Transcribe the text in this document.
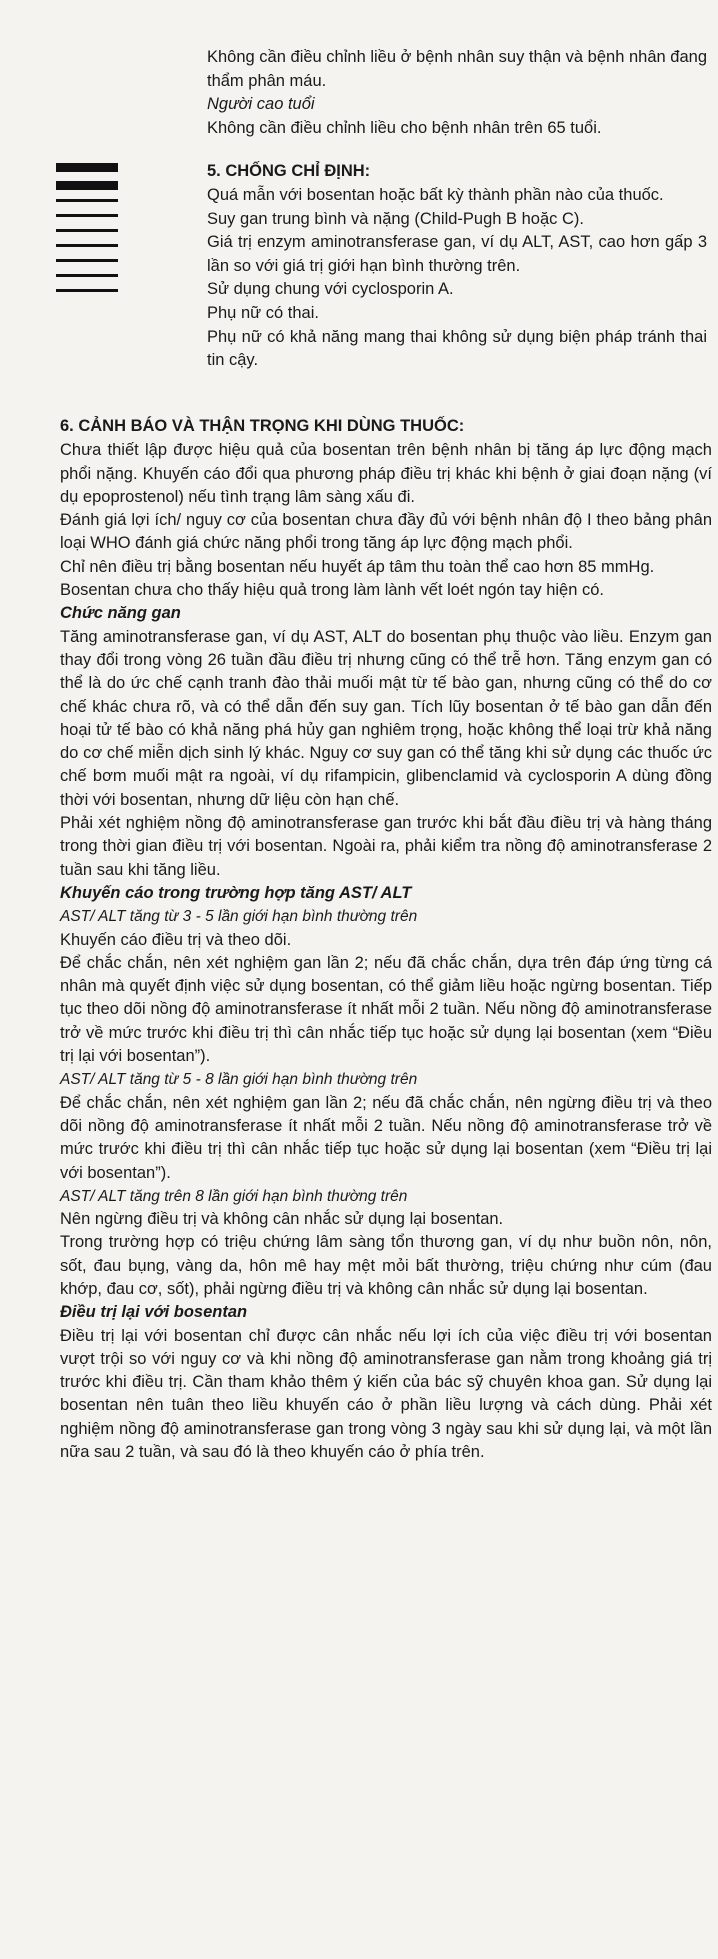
Không cần điều chỉnh liều ở bệnh nhân suy thận và bệnh nhân đang thẩm phân máu.

Người cao tuổi

Không cần điều chỉnh liều cho bệnh nhân trên 65 tuổi.

5. CHỐNG CHỈ ĐỊNH:

Quá mẫn với bosentan hoặc bất kỳ thành phần nào của thuốc.

Suy gan trung bình và nặng (Child-Pugh B hoặc C).

Giá trị enzym aminotransferase gan, ví dụ ALT, AST, cao hơn gấp 3 lần so với giá trị giới hạn bình thường trên.

Sử dụng chung với cyclosporin A.

Phụ nữ có thai.

Phụ nữ có khả năng mang thai không sử dụng biện pháp tránh thai tin cậy.

6. CẢNH BÁO VÀ THẬN TRỌNG KHI DÙNG THUỐC:

Chưa thiết lập được hiệu quả của bosentan trên bệnh nhân bị tăng áp lực động mạch phổi nặng. Khuyến cáo đổi qua phương pháp điều trị khác khi bệnh ở giai đoạn nặng (ví dụ epoprostenol) nếu tình trạng lâm sàng xấu đi.

Đánh giá lợi ích/ nguy cơ của bosentan chưa đầy đủ với bệnh nhân độ I theo bảng phân loại WHO đánh giá chức năng phổi trong tăng áp lực động mạch phổi.

Chỉ nên điều trị bằng bosentan nếu huyết áp tâm thu toàn thể cao hơn 85 mmHg.

Bosentan chưa cho thấy hiệu quả trong làm lành vết loét ngón tay hiện có.

Chức năng gan

Tăng aminotransferase gan, ví dụ AST, ALT do bosentan phụ thuộc vào liều. Enzym gan thay đổi trong vòng 26 tuần đầu điều trị nhưng cũng có thể trễ hơn. Tăng enzym gan có thể là do ức chế cạnh tranh đào thải muối mật từ tế bào gan, nhưng cũng có thể do cơ chế khác chưa rõ, và có thể dẫn đến suy gan. Tích lũy bosentan ở tế bào gan dẫn đến hoại tử tế bào có khả năng phá hủy gan nghiêm trọng, hoặc không thể loại trừ khả năng do cơ chế miễn dịch sinh lý khác. Nguy cơ suy gan có thể tăng khi sử dụng các thuốc ức chế bơm muối mật ra ngoài, ví dụ rifampicin, glibenclamid và cyclosporin A dùng đồng thời với bosentan, nhưng dữ liệu còn hạn chế.

Phải xét nghiệm nồng độ aminotransferase gan trước khi bắt đầu điều trị và hàng tháng trong thời gian điều trị với bosentan. Ngoài ra, phải kiểm tra nồng độ aminotransferase 2 tuần sau khi tăng liều.

Khuyến cáo trong trường hợp tăng AST/ ALT

AST/ ALT tăng từ 3 - 5 lần giới hạn bình thường trên

Khuyến cáo điều trị và theo dõi.

Để chắc chắn, nên xét nghiệm gan lần 2; nếu đã chắc chắn, dựa trên đáp ứng từng cá nhân mà quyết định việc sử dụng bosentan, có thể giảm liều hoặc ngừng bosentan. Tiếp tục theo dõi nồng độ aminotransferase ít nhất mỗi 2 tuần. Nếu nồng độ aminotransferase trở về mức trước khi điều trị thì cân nhắc tiếp tục hoặc sử dụng lại bosentan (xem “Điều trị lại với bosentan”).

AST/ ALT tăng từ 5 - 8 lần giới hạn bình thường trên

Để chắc chắn, nên xét nghiệm gan lần 2; nếu đã chắc chắn, nên ngừng điều trị và theo dõi nồng độ aminotransferase ít nhất mỗi 2 tuần. Nếu nồng độ aminotransferase trở về mức trước khi điều trị thì cân nhắc tiếp tục hoặc sử dụng lại bosentan (xem “Điều trị lại với bosentan”).

AST/ ALT tăng trên 8 lần giới hạn bình thường trên

Nên ngừng điều trị và không cân nhắc sử dụng lại bosentan.

Trong trường hợp có triệu chứng lâm sàng tổn thương gan, ví dụ như buồn nôn, nôn, sốt, đau bụng, vàng da, hôn mê hay mệt mỏi bất thường, triệu chứng như cúm (đau khớp, đau cơ, sốt), phải ngừng điều trị và không cân nhắc sử dụng lại bosentan.

Điều trị lại với bosentan

Điều trị lại với bosentan chỉ được cân nhắc nếu lợi ích của việc điều trị với bosentan vượt trội so với nguy cơ và khi nồng độ aminotransferase gan nằm trong khoảng giá trị trước khi điều trị. Cần tham khảo thêm ý kiến của bác sỹ chuyên khoa gan. Sử dụng lại bosentan nên tuân theo liều khuyến cáo ở phần liều lượng và cách dùng. Phải xét nghiệm nồng độ aminotransferase gan trong vòng 3 ngày sau khi sử dụng lại, và một lần nữa sau 2 tuần, và sau đó là theo khuyến cáo ở phía trên.
